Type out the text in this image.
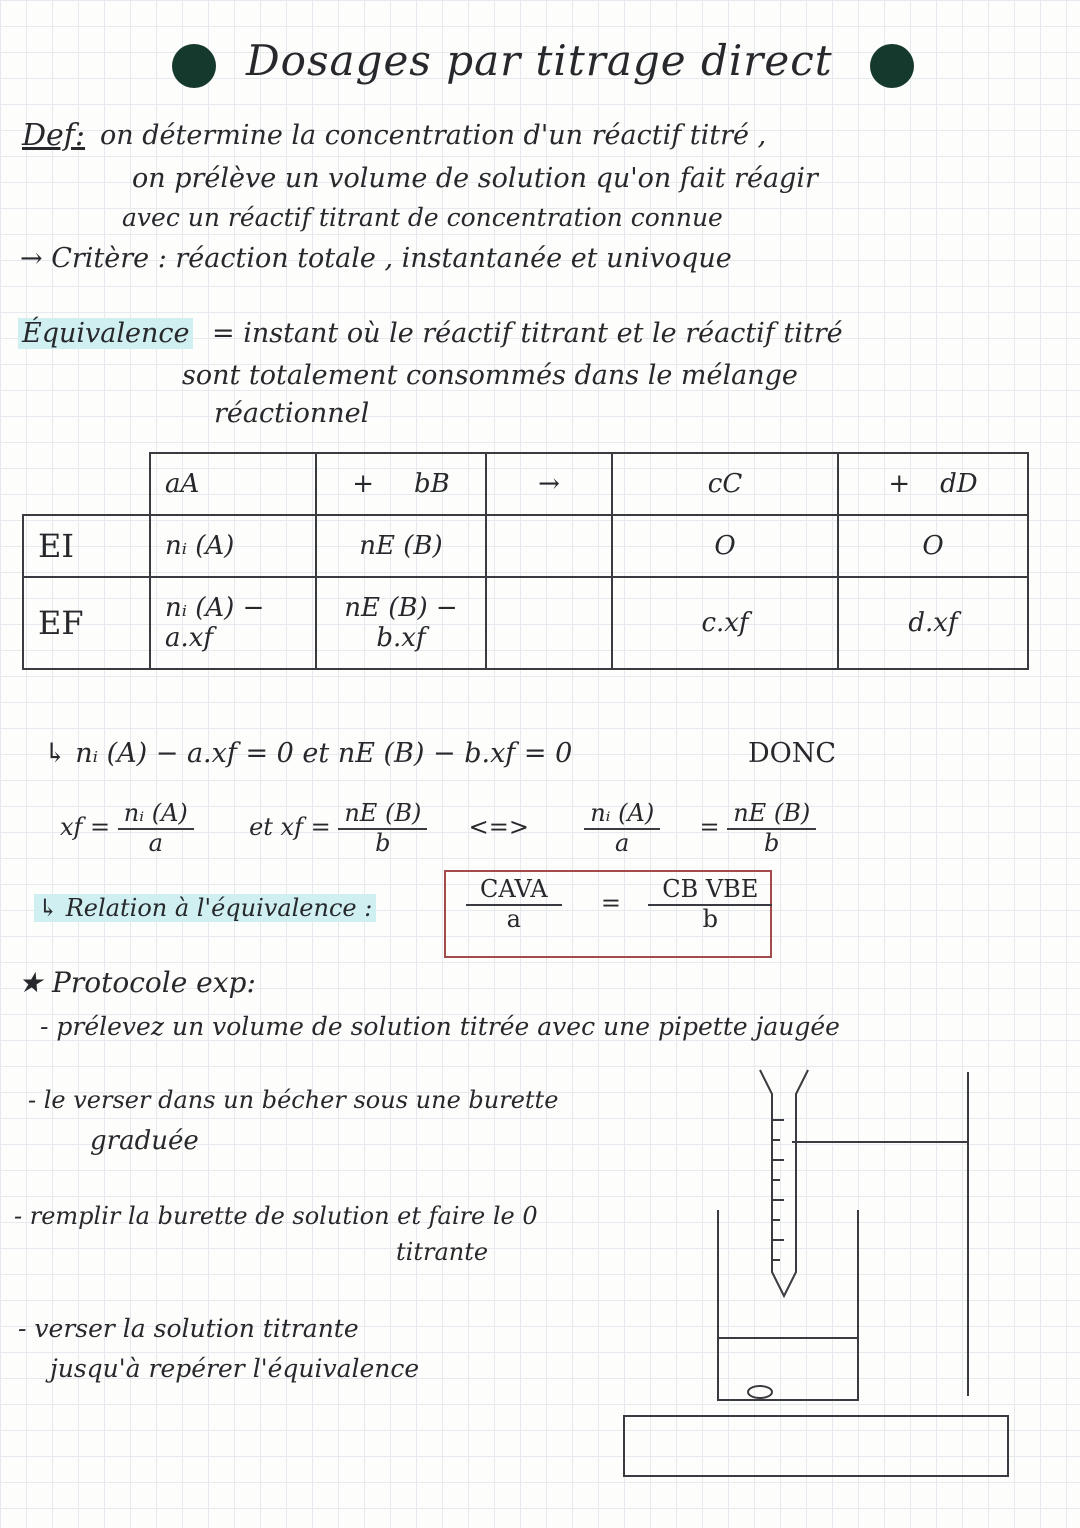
Dosages par titrage direct
Def: on détermine la concentration d'un réactif titré ,
on prélève un volume de solution qu'on fait réagir
avec un réactif titrant de concentration connue
→ Critère : réaction totale , instantanée et univoque
Équivalence = instant où le réactif titrant et le réactif titré
sont totalement consommés dans le mélange
réactionnel
	aA	+ bB	→	cC	+ dD
EI	nᵢ (A)	nE (B)		O	O
EF	nᵢ (A) − a.xf	nE (B) − b.xf		c.xf	d.xf
↳ nᵢ (A) − a.xf = 0 et nE (B) − b.xf = 0	DONC
xf = $\frac{\text{nᵢ (A)}}{a}$ et xf = $\frac{nE (B)}{b}$ <=> $\frac{\text{nᵢ (A)}}{a} = \frac{nE (B)}{b}$
↳ Relation à l'équivalence :	$\frac{\text{CAVA}}{a} = \frac{\text{CB VBE}}{b}$
★ Protocole exp:
- prélevez un volume de solution titrée avec une pipette jaugée
- le verser dans un bécher sous une burette
graduée
- remplir la burette de solution et faire le 0
titrante
- verser la solution titrante
jusqu'à repérer l'équivalence
